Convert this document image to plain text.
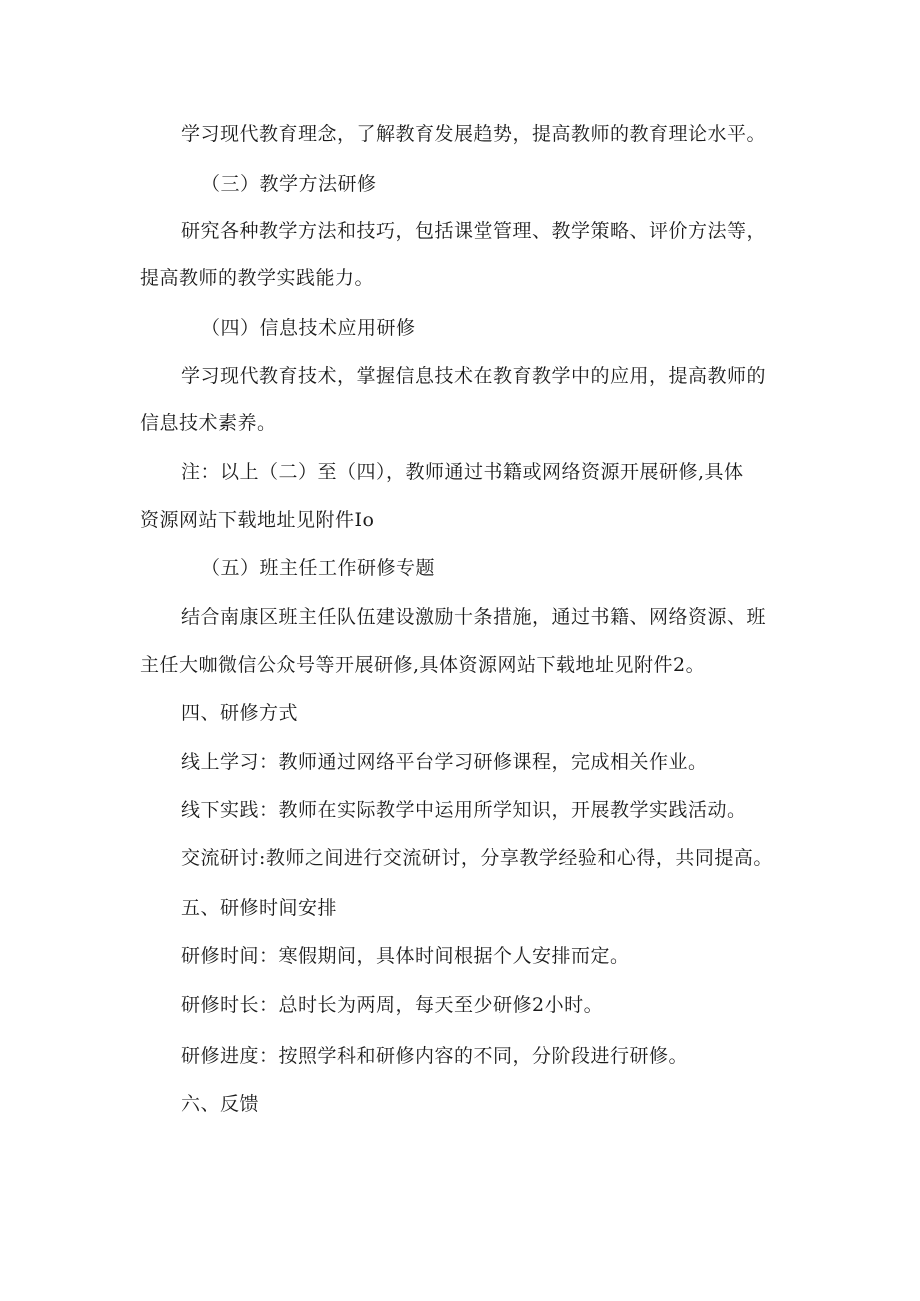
学习现代教育理念，了解教育发展趋势，提高教师的教育理论水平。
（三）教学方法研修
研究各种教学方法和技巧，包括课堂管理、教学策略、评价方法等，
提高教师的教学实践能力。
（四）信息技术应用研修
学习现代教育技术，掌握信息技术在教育教学中的应用，提高教师的
信息技术素养。
注：以上（二）至（四），教师通过书籍或网络资源开展研修,具体
资源网站下载地址见附件Io
（五）班主任工作研修专题
结合南康区班主任队伍建设激励十条措施，通过书籍、网络资源、班
主任大咖微信公众号等开展研修,具体资源网站下载地址见附件2。
四、研修方式
线上学习：教师通过网络平台学习研修课程，完成相关作业。
线下实践：教师在实际教学中运用所学知识，开展教学实践活动。
交流研讨:教师之间进行交流研讨，分享教学经验和心得，共同提高。
五、研修时间安排
研修时间：寒假期间，具体时间根据个人安排而定。
研修时长：总时长为两周，每天至少研修2小时。
研修进度：按照学科和研修内容的不同，分阶段进行研修。
六、反馈
